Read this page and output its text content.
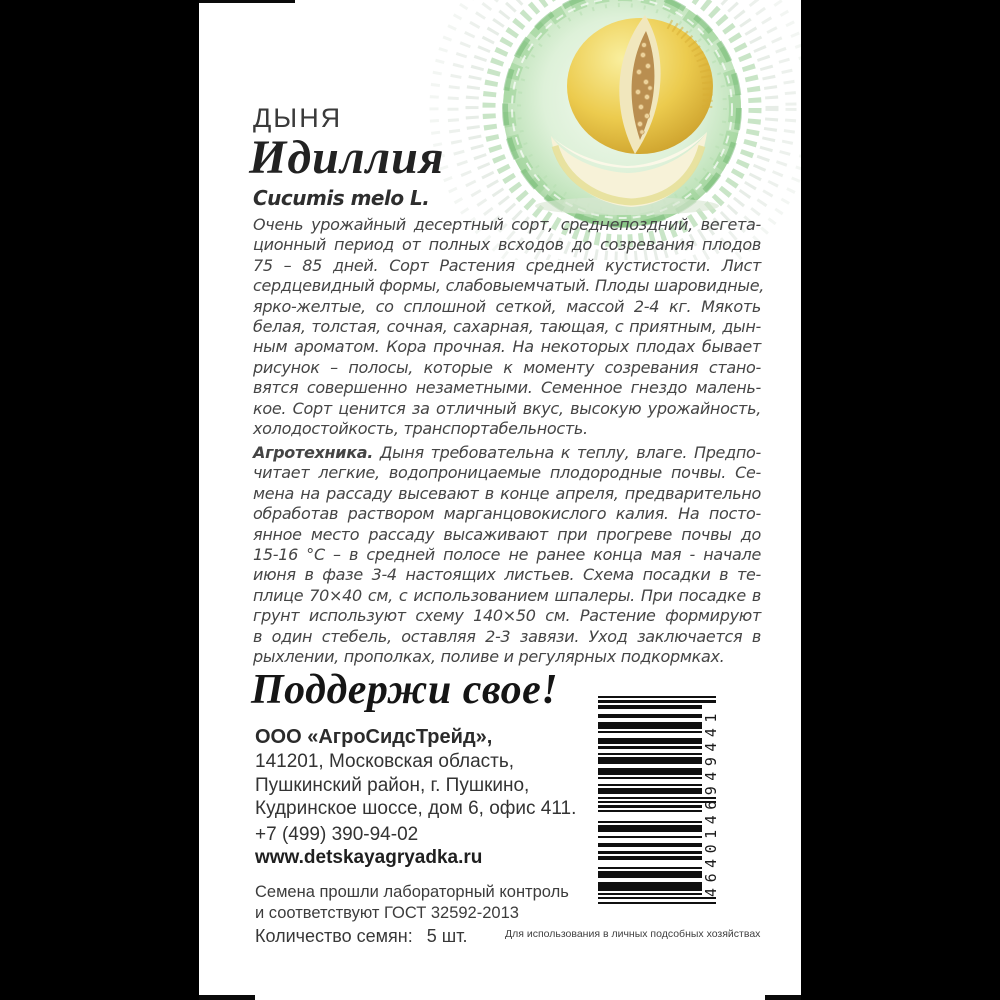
ДЫНЯ
Идиллия
Cucumis melo L.
Очень урожайный десертный сорт, среднепоздний, вегета-
ционный период от полных всходов до созревания плодов
75 – 85 дней. Сорт Растения средней кустистости. Лист
сердцевидный формы, слабовыемчатый. Плоды шаровидные,
ярко-желтые, со сплошной сеткой, массой 2-4 кг. Мякоть
белая, толстая, сочная, сахарная, тающая, с приятным, дын-
ным ароматом. Кора прочная. На некоторых плодах бывает
рисунок – полосы, которые к моменту созревания стано-
вятся совершенно незаметными. Семенное гнездо малень-
кое. Сорт ценится за отличный вкус, высокую урожайность,
холодостойкость, транспортабельность.
Агротехника. Дыня требовательна к теплу, влаге. Предпо-
читает легкие, водопроницаемые плодородные почвы. Се-
мена на рассаду высевают в конце апреля, предварительно
обработав раствором марганцовокислого калия. На посто-
янное место рассаду высаживают при прогреве почвы до
15-16 °С – в средней полосе не ранее конца мая - начале
июня в фазе 3-4 настоящих листьев. Схема посадки в те-
плице 70×40 см, с использованием шпалеры. При посадке в
грунт используют схему 140×50 см. Растение формируют
в один стебель, оставляя 2-3 завязи. Уход заключается в
рыхлении, прополках, поливе и регулярных подкормках.
Поддержи свое!
ООО «АгроСидсТрейд»,
141201, Московская область,
Пушкинский район, г. Пушкино,
Кудринское шоссе, дом 6, офис 411.
+7 (499) 390-94-02
www.detskayagryadka.ru
Семена прошли лабораторный контроль
и соответствуют ГОСТ 32592-2013
Количество семян: 5 шт.	Для использования в личных подсобных хозяйствах
4640146949441
